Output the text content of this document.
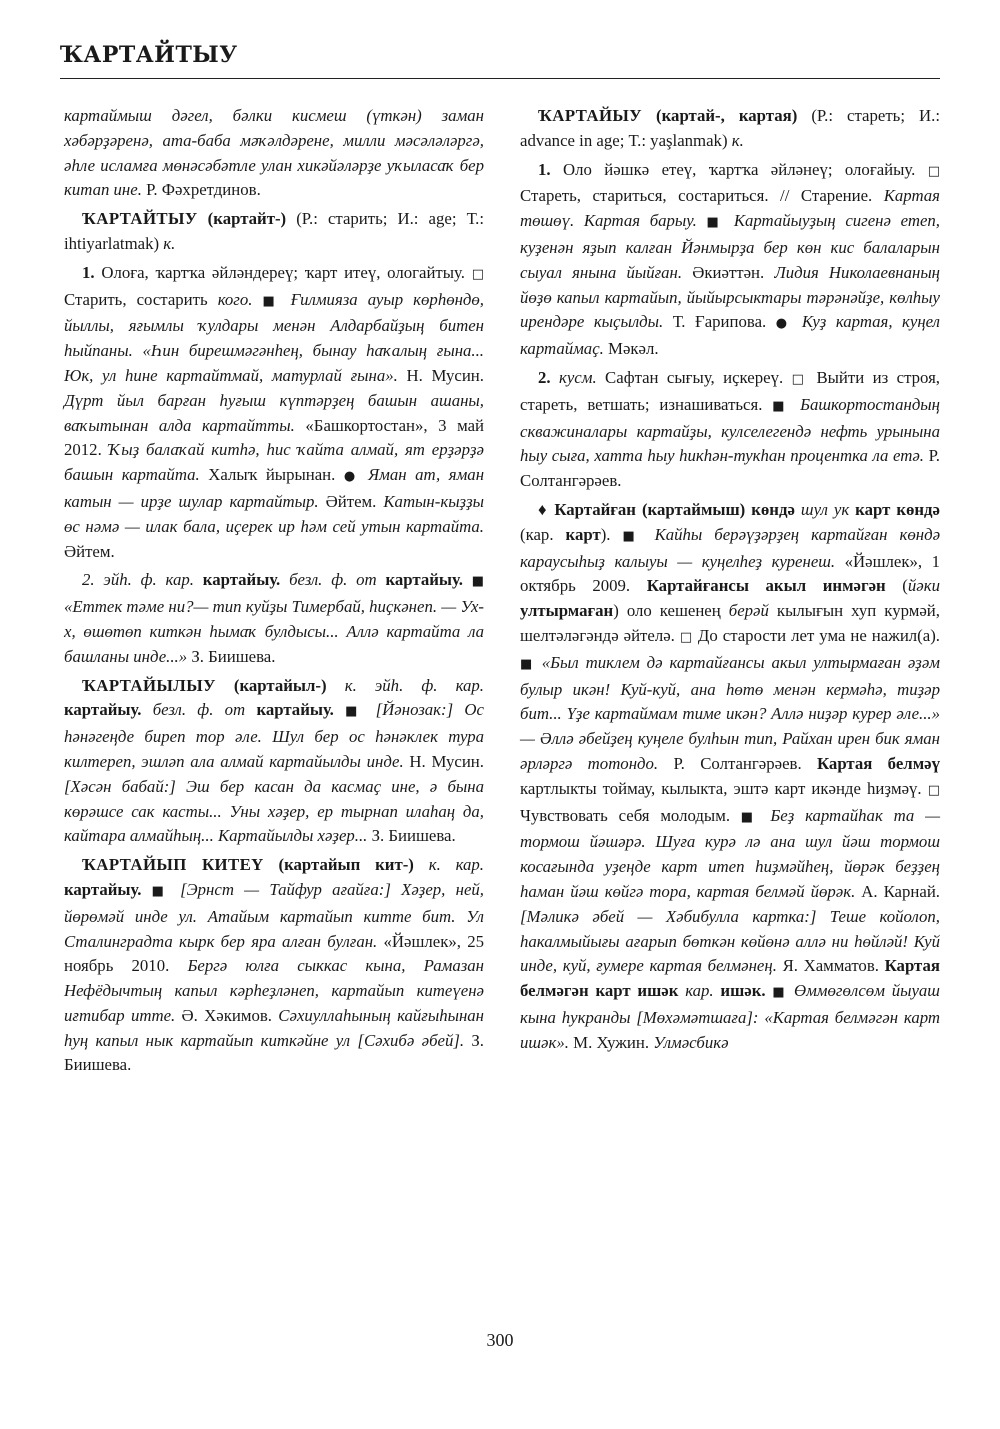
ҠАРТАЙТЫУ

картаймыш дәгел, бәлки кисмеш (үткән) заман хәбәрҙәренә, ата-баба мәҡәлдәрене, милли мәсәләләргә, әһле исламға мөнәсәбәтле улан хикәйәләрҙе уҡыласаҡ бер китап ине. Р. Фәхретдинов.

ҠАРТАЙТЫУ (картайт-) (Р.: старить; И.: age; Т.: ihtiyarlatmak) к.

1. Олоға, ҡартҡа әйләндереү; ҡарт итеү, ологайтыу. □ Старить, состарить кого. ■ Ғилмияза ауыр көрһөндө, йыллы, яғымлы ҡулдары менән Алдарбайҙың битен һыйпаны. «Һин бирешмәгәнһең, бынау һаҡалың ғына... Юк, ул һине картайтмай, матурлай ғына». Н. Мусин. Дүрт йыл барған һуғыш күптәрҙең башын ашаны, ваҡытынан алда картайтты. «Башкортостан», 3 май 2012. Ҡыҙ балаҡай китһә, һис ҡайта алмай, ят ерҙәрҙә башын картайта. Халыҡ йырынан. ● Яман ат, яман катын — ирҙе шулар картайтыр. Әйтем. Катын-кыҙҙы өс нәмә — илак бала, иҫерек ир һәм сей утын картайта. Әйтем.

2. эйһ. ф. кар. картайыу. безл. ф. от картайыу. ■ «Еттек тәме ни?— тип куйҙы Тимербай, һиҫкәнеп. — Ух-х, өшөтөп киткән һымаҡ булдысы... Аллә картайта ла башланы инде...» З. Биишева.

ҠАРТАЙЫЛЫУ (картайыл-) к. эйһ. ф. кар. картайыу. безл. ф. от картайыу. ■ [Йәнозак:] Ос һәнәгеңде биреп тор әле. Шул бер ос һәнәклек тура килтереп, эшләп ала алмай картайылды инде. Н. Мусин. [Хәсән бабай:] Эш бер касан да касмаҫ ине, ә бына көрәшсе сак касты... Уны хәҙер, ер тырнап илаһаң да, кайтара алмайһың... Картайылды хәҙер... З. Биишева.

ҠАРТАЙЫП КИТЕҮ (картайып кит-) к. кар. картайыу. ■ [Эрнст — Тайфур ағайға:] Хәҙер, ней, йөрөмәй инде ул. Атайым картайып китте бит. Ул Сталинградта кырк бер яра алған булған. «Йәшлек», 25 ноябрь 2010. Бергә юлға сыккас кына, Рамазан Нефёдычтың капыл кәрһеҙләнеп, картайып китеүенә иғтибар итте. Ә. Хәкимов. Сәхиуллаһының кайғыһынан һуң капыл нык картайып киткәйне ул [Сәхибә әбей]. З. Биишева.

ҠАРТАЙЫУ (картай-, картая) (Р.: стареть; И.: advance in age; Т.: yaşlanmak) к.

1. Оло йәшкә етеү, ҡартҡа әйләнеү; олоғайыу. □ Стареть, стариться, состариться. // Старение. Картая төшөү. Картая барыу. ■ Картайыуҙың сигенә етеп, куҙенән яҙып калған Йәнмырҙа бер көн кис балаларын сыуал янына йыйған. Әкиәттән. Лидия Николаевнаның йөҙө капыл картайып, йыйырсыктары тәрәнәйҙе, көлһыу ирендәре кыҫылды. Т. Ғарипова. ● Куҙ картая, куңел картаймаҫ. Мәкәл.

2. кусм. Сафтан сығыу, иҫкереү. □ Выйти из строя, стареть, ветшать; изнашиваться. ■ Башкортостандың скважиналары картайҙы, кулселегендә нефть урынына һыу сыға, хатта һыу һикһән-тукһан процентка ла етә. Р. Солтангәрәев.

♦ Картайған (картаймыш) көндә шул ук карт көндә (кар. карт). ■ Кайһы берәүҙәрҙең картайған көндә караусыһыҙ калыуы — куңелһеҙ куренеш. «Йәшлек», 1 октябрь 2009. Картайғансы акыл инмәгән (йәки ултырмаған) оло кешенең берәй кылығын хуп курмәй, шелтәләгәндә әйтелә. □ До старости лет ума не нажил(а). ■ «Был тиклем дә картайғансы акыл ултырмаған әҙәм булыр икән! Куй-куй, ана һөтө менән кермәһә, тиҙәр бит... Үҙе картаймам тиме икән? Аллә ниҙәр курер әле...» — Әллә әбейҙең куңеле булһын тип, Райхан ирен бик яман әрләргә тотондо. Р. Солтангәрәев. Картая белмәү картлыкты тоймау, кылыкта, эштә карт икәнде һиҙмәү. □ Чувствовать себя молодым. ■ Беҙ картайһак та — тормош йәшәрә. Шуға курә лә ана шул йәш тормош косағында уҙеңде карт итеп һиҙмәйһең, йөрәк беҙҙең һаман йәш көйгә тора, картая белмәй йөрәк. А. Карнай. [Мәликә әбей — Хәбибулла картка:] Теше койолоп, һакалмыйығы ағарып бөткән көйөнә аллә ни һөйләй! Куй инде, куй, ғумере картая белмәнең. Я. Хамматов. Картая белмәгән карт ишәк кар. ишәк. ■ Өммөгөлсөм йыуаш кына һукранды [Мөхәмәтшаға]: «Картая белмәгән карт ишәк». М. Хужин. Улмәсбикә

300
